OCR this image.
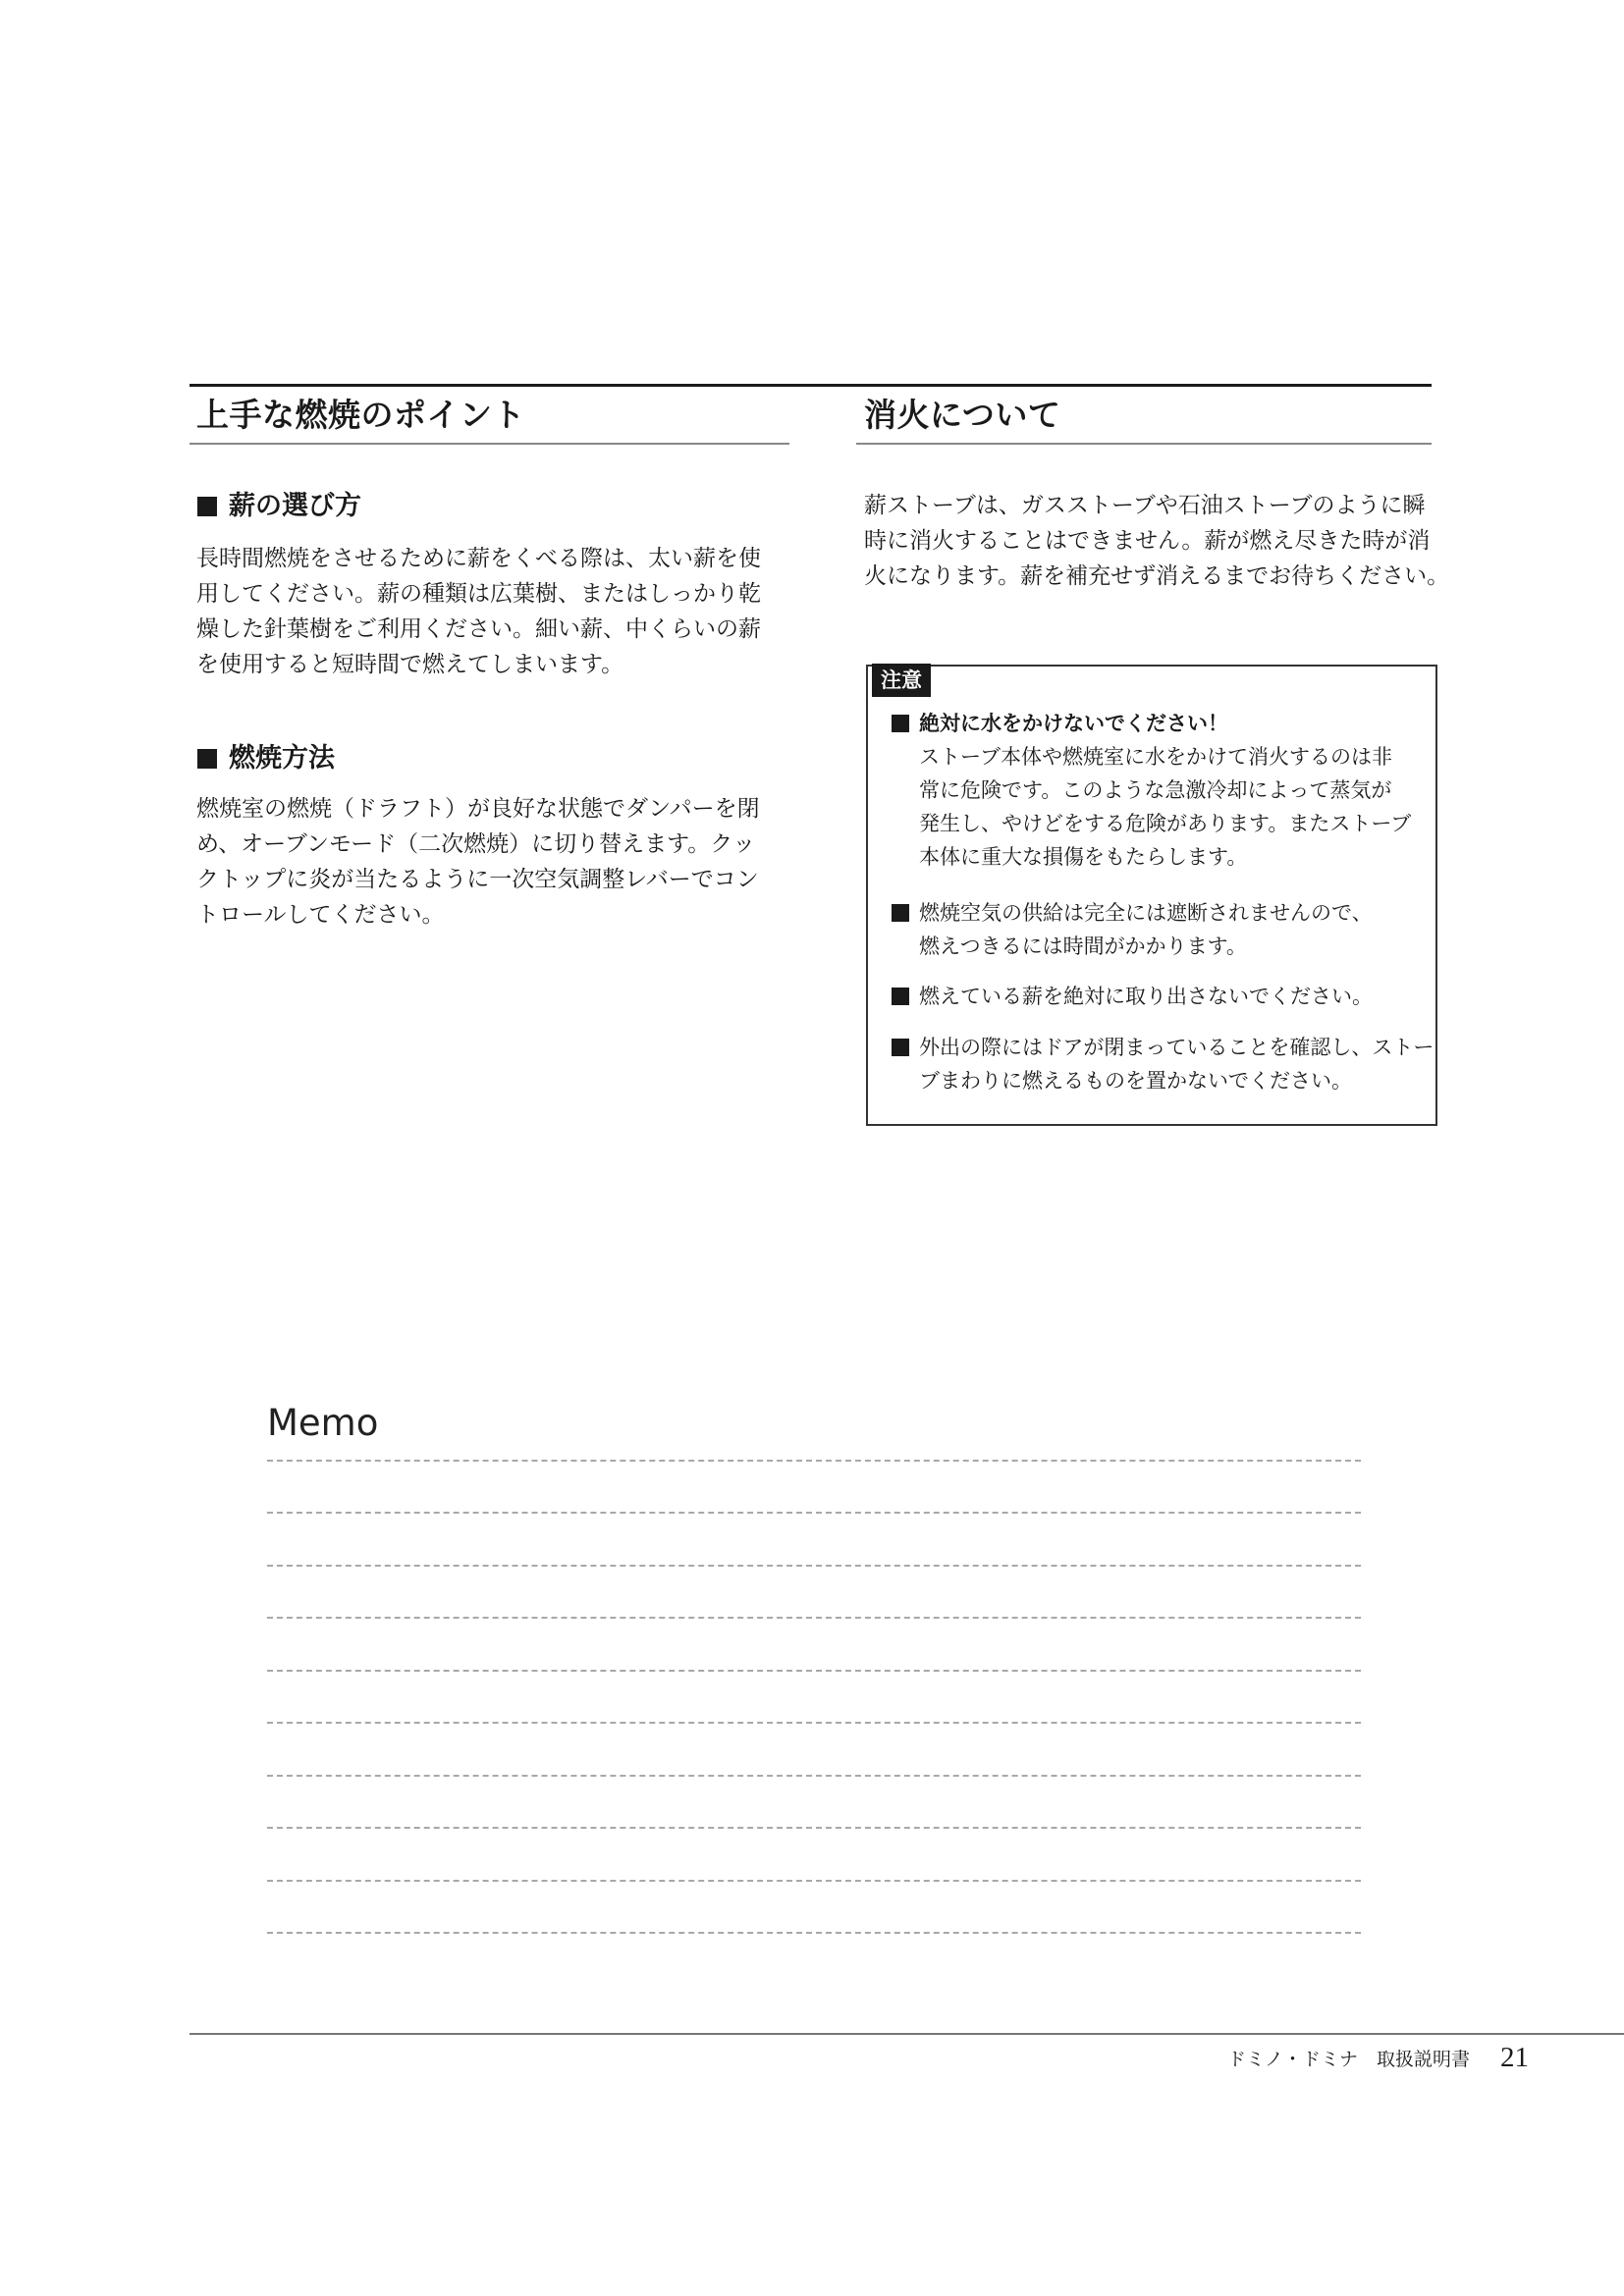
上手な燃焼のポイント
薪の選び方

長時間燃焼をさせるために薪をくべる際は、太い薪を使
用してください。薪の種類は広葉樹、またはしっかり乾
燥した針葉樹をご利用ください。細い薪、中くらいの薪
を使用すると短時間で燃えてしまいます。

燃焼方法

燃焼室の燃焼（ドラフト）が良好な状態でダンパーを閉
め、オーブンモード（二次燃焼）に切り替えます。クッ
クトップに炎が当たるように一次空気調整レバーでコン
トロールしてください。

消火について

薪ストーブは、ガスストーブや石油ストーブのように瞬
時に消火することはできません。薪が燃え尽きた時が消
火になります。薪を補充せず消えるまでお待ちください。

注意
絶対に水をかけないでください！
ストーブ本体や燃焼室に水をかけて消火するのは非
常に危険です。このような急激冷却によって蒸気が
発生し、やけどをする危険があります。またストーブ
本体に重大な損傷をもたらします。
燃焼空気の供給は完全には遮断されませんので、
燃えつきるには時間がかかります。
燃えている薪を絶対に取り出さないでください。
外出の際にはドアが閉まっていることを確認し、ストー
ブまわりに燃えるものを置かないでください。
Memo
ドミノ・ドミナ　取扱説明書 21
